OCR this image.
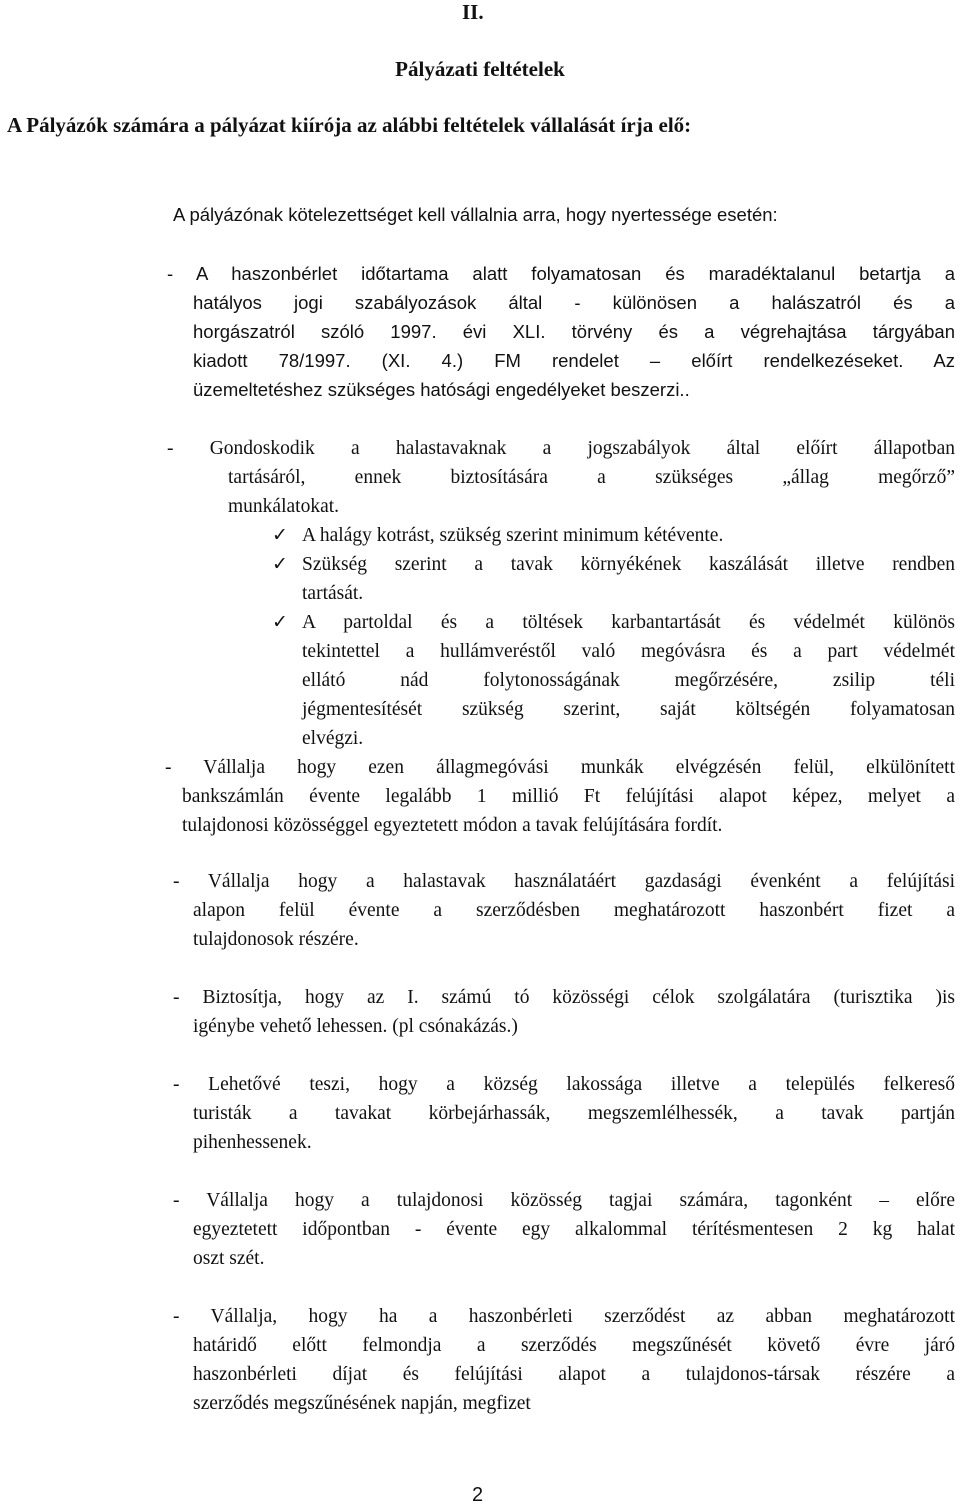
II.
Pályázati feltételek
A Pályázók számára a pályázat kiírója az alábbi feltételek vállalását írja elő:
A pályázónak kötelezettséget kell vállalnia arra, hogy nyertessége esetén:
- A haszonbérlet időtartama alatt folyamatosan és maradéktalanul betartja a
hatályos jogi szabályozások által - különösen a halászatról és a
horgászatról szóló 1997. évi XLI. törvény és a végrehajtása tárgyában
kiadott 78/1997. (XI. 4.) FM rendelet – előírt rendelkezéseket. Az
üzemeltetéshez szükséges hatósági engedélyeket beszerzi..
- Gondoskodik a halastavaknak a jogszabályok által előírt állapotban
tartásáról, ennek biztosítására a szükséges „állag megőrző”
munkálatokat.
✓ A halágy kotrást, szükség szerint minimum kétévente.
✓ Szükség szerint a tavak környékének kaszálását illetve rendben
tartását.
✓ A partoldal és a töltések karbantartását és védelmét különös
tekintettel a hullámveréstől való megóvásra és a part védelmét
ellátó nád folytonosságának megőrzésére, zsilip téli
jégmentesítését szükség szerint, saját költségén folyamatosan
elvégzi.
- Vállalja hogy ezen állagmegóvási munkák elvégzésén felül, elkülönített
bankszámlán évente legalább 1 millió Ft felújítási alapot képez, melyet a
tulajdonosi közösséggel egyeztetett módon a tavak felújítására fordít.
- Vállalja hogy a halastavak használatáért gazdasági évenként a felújítási
alapon felül évente a szerződésben meghatározott haszonbért fizet a
tulajdonosok részére.
- Biztosítja, hogy az I. számú tó közösségi célok szolgálatára (turisztika )is
igénybe vehető lehessen. (pl csónakázás.)
- Lehetővé teszi, hogy a község lakossága illetve a település felkereső
turisták a tavakat körbejárhassák, megszemlélhessék, a tavak partján
pihenhessenek.
- Vállalja hogy a tulajdonosi közösség tagjai számára, tagonként – előre
egyeztetett időpontban - évente egy alkalommal térítésmentesen 2 kg halat
oszt szét.
- Vállalja, hogy ha a haszonbérleti szerződést az abban meghatározott
határidő előtt felmondja a szerződés megszűnését követő évre járó
haszonbérleti díjat és felújítási alapot a tulajdonos-társak részére a
szerződés megszűnésének napján, megfizet
2
